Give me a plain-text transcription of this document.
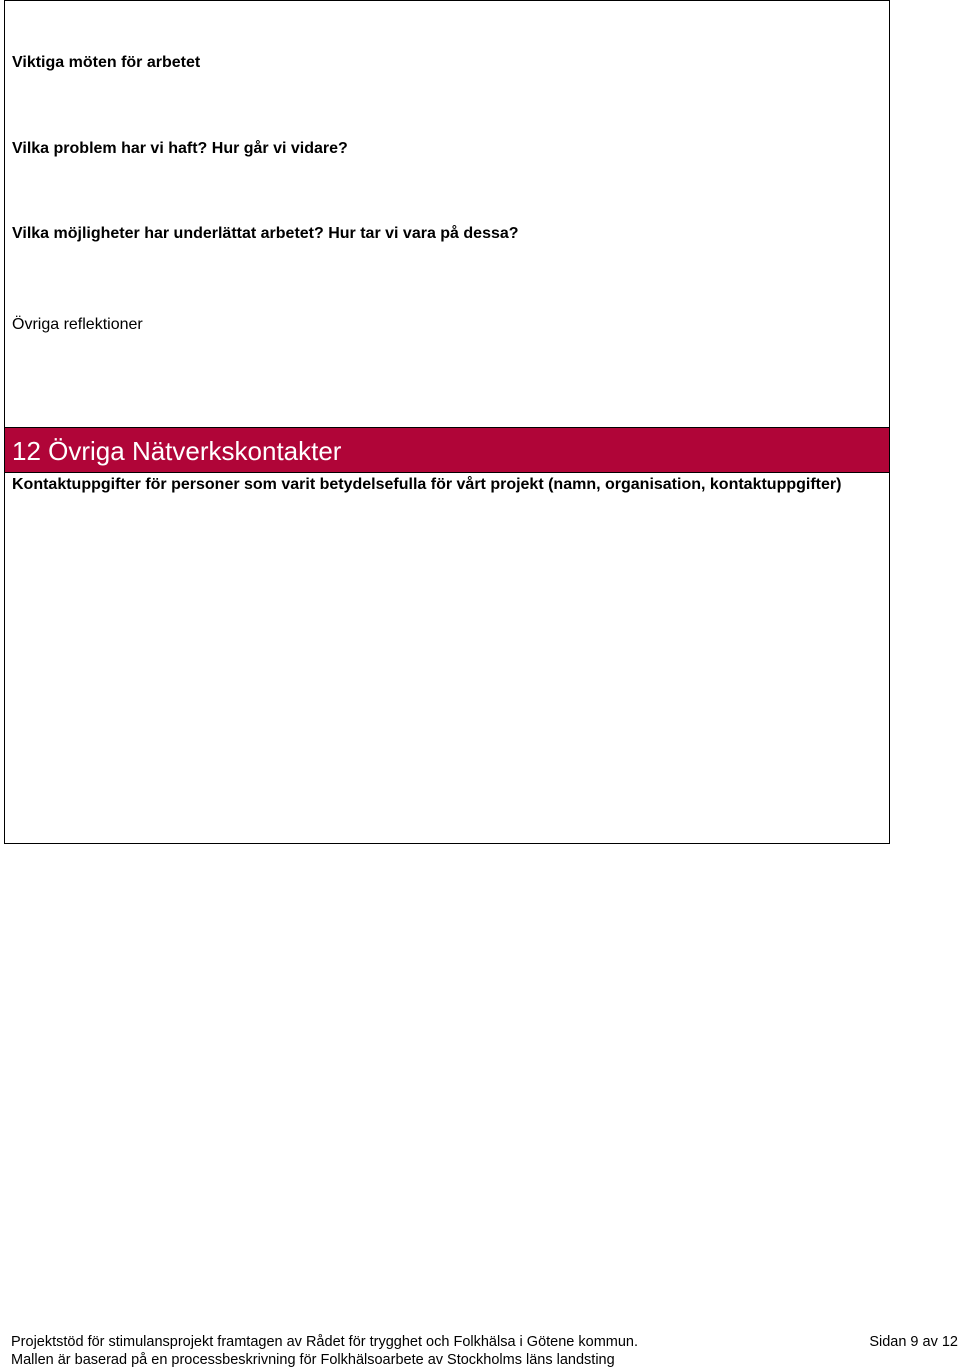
Viktiga möten för arbetet
Vilka problem har vi haft? Hur går vi vidare?
Vilka möjligheter har underlättat arbetet? Hur tar vi vara på dessa?
Övriga reflektioner
12 Övriga Nätverkskontakter
Kontaktuppgifter för personer som varit betydelsefulla för vårt projekt (namn, organisation, kontaktuppgifter)
Projektstöd för stimulansprojekt framtagen av Rådet för trygghet och Folkhälsa i Götene kommun.
Mallen är baserad på en processbeskrivning för Folkhälsoarbete av Stockholms läns landsting
Sidan 9 av 12
